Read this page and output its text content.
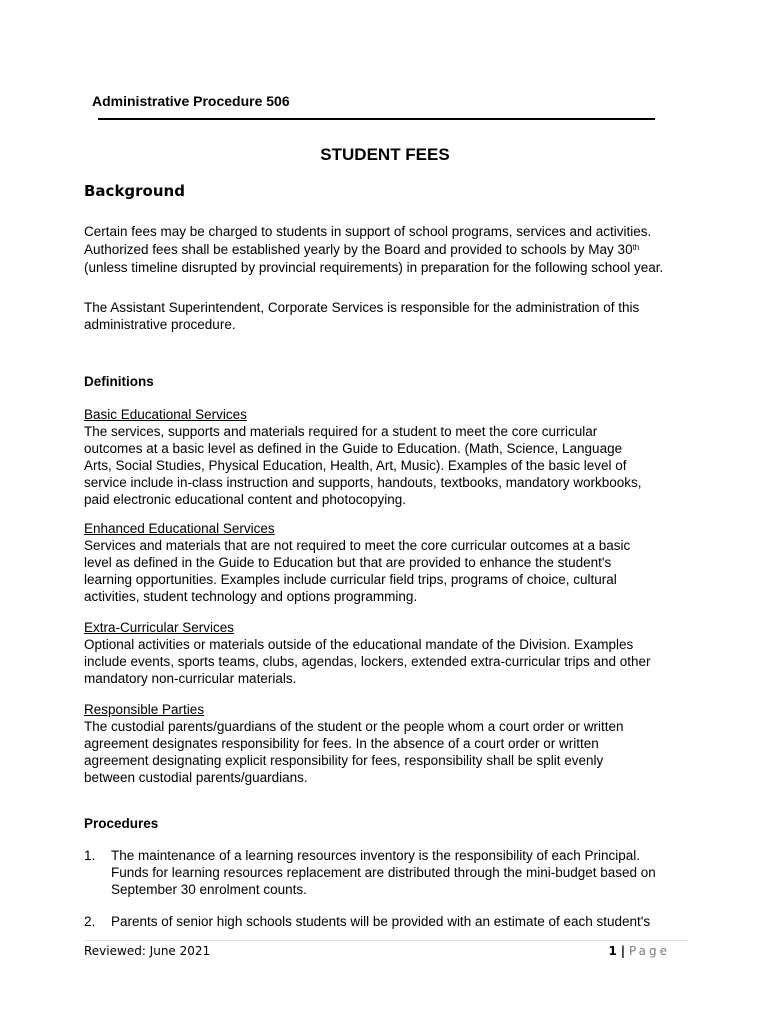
Administrative Procedure 506
STUDENT FEES
Background

Certain fees may be charged to students in support of school programs, services and activities.
Authorized fees shall be established yearly by the Board and provided to schools by May 30th
(unless timeline disrupted by provincial requirements) in preparation for the following school year.

The Assistant Superintendent, Corporate Services is responsible for the administration of this
administrative procedure.

Definitions

Basic Educational Services
The services, supports and materials required for a student to meet the core curricular
outcomes at a basic level as defined in the Guide to Education. (Math, Science, Language
Arts, Social Studies, Physical Education, Health, Art, Music). Examples of the basic level of
service include in-class instruction and supports, handouts, textbooks, mandatory workbooks,
paid electronic educational content and photocopying.

Enhanced Educational Services
Services and materials that are not required to meet the core curricular outcomes at a basic
level as defined in the Guide to Education but that are provided to enhance the student's
learning opportunities. Examples include curricular field trips, programs of choice, cultural
activities, student technology and options programming.

Extra-Curricular Services
Optional activities or materials outside of the educational mandate of the Division. Examples
include events, sports teams, clubs, agendas, lockers, extended extra-curricular trips and other
mandatory non-curricular materials.

Responsible Parties
The custodial parents/guardians of the student or the people whom a court order or written
agreement designates responsibility for fees. In the absence of a court order or written
agreement designating explicit responsibility for fees, responsibility shall be split evenly
between custodial parents/guardians.

Procedures

1. The maintenance of a learning resources inventory is the responsibility of each Principal.
Funds for learning resources replacement are distributed through the mini-budget based on
September 30 enrolment counts.

2. Parents of senior high schools students will be provided with an estimate of each student's

Reviewed: June 2021	1 | Page
